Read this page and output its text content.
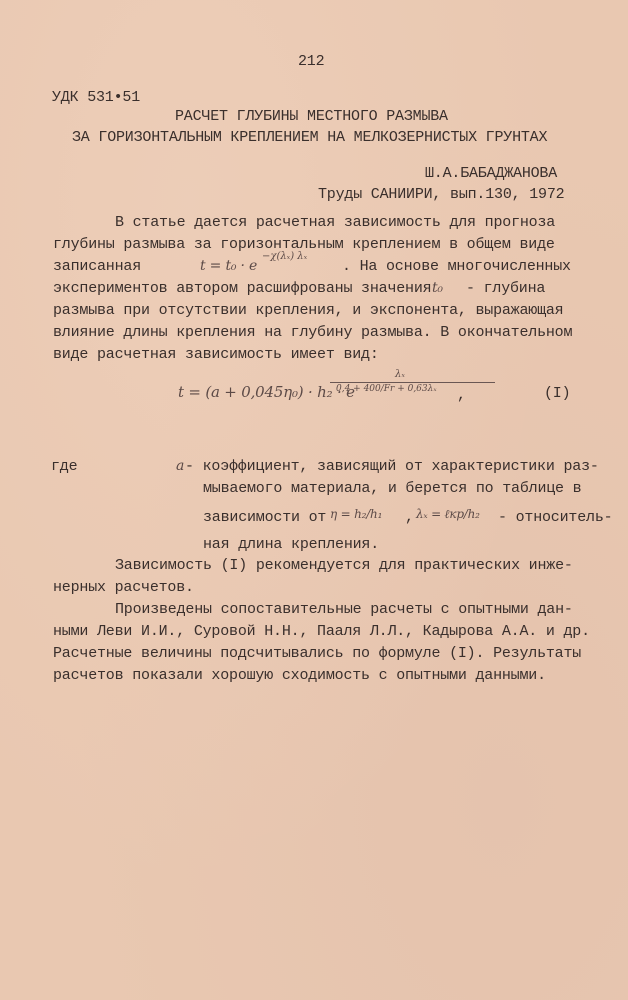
212
УДК 531•51
РАСЧЕТ ГЛУБИНЫ МЕСТНОГО РАЗМЫВА
ЗА ГОРИЗОНТАЛЬНЫМ КРЕПЛЕНИЕМ НА МЕЛКОЗЕРНИСТЫХ ГРУНТАХ
Ш.А.БАБАДЖАНОВА
Труды САНИИРИ, вып.130, 1972
В статье дается расчетная зависимость для прогноза
глубины размыва за горизонтальным креплением в общем виде
записанная	t = t₀ · e
−χ(λₓ) λₓ
. На основе многочисленных
экспериментов автором расшифрованы значения t₀ - глубина
размыва при отсутствии крепления, и экспонента, выражающая
влияние длины крепления на глубину размыва. В окончательном
виде расчетная зависимость имеет вид:
t = (a + 0,045η₀) · h₂ · e
λₓ
0,4 + 400/Fr + 0,63λₓ ,	(I)
где	a - коэффициент, зависящий от характеристики раз-
мываемого материала, и берется по таблице в
зависимости от η = h₂/h₁ , λₓ = ℓкр/h₂ - относитель-
ная длина крепления.
Зависимость (I) рекомендуется для практических инже-
нерных расчетов.
Произведены сопоставительные расчеты с опытными дан-
ными Леви И.И., Суровой Н.Н., Пааля Л.Л., Кадырова А.А. и др.
Расчетные величины подсчитывались по формуле (I). Результаты
расчетов показали хорошую сходимость с опытными данными.
